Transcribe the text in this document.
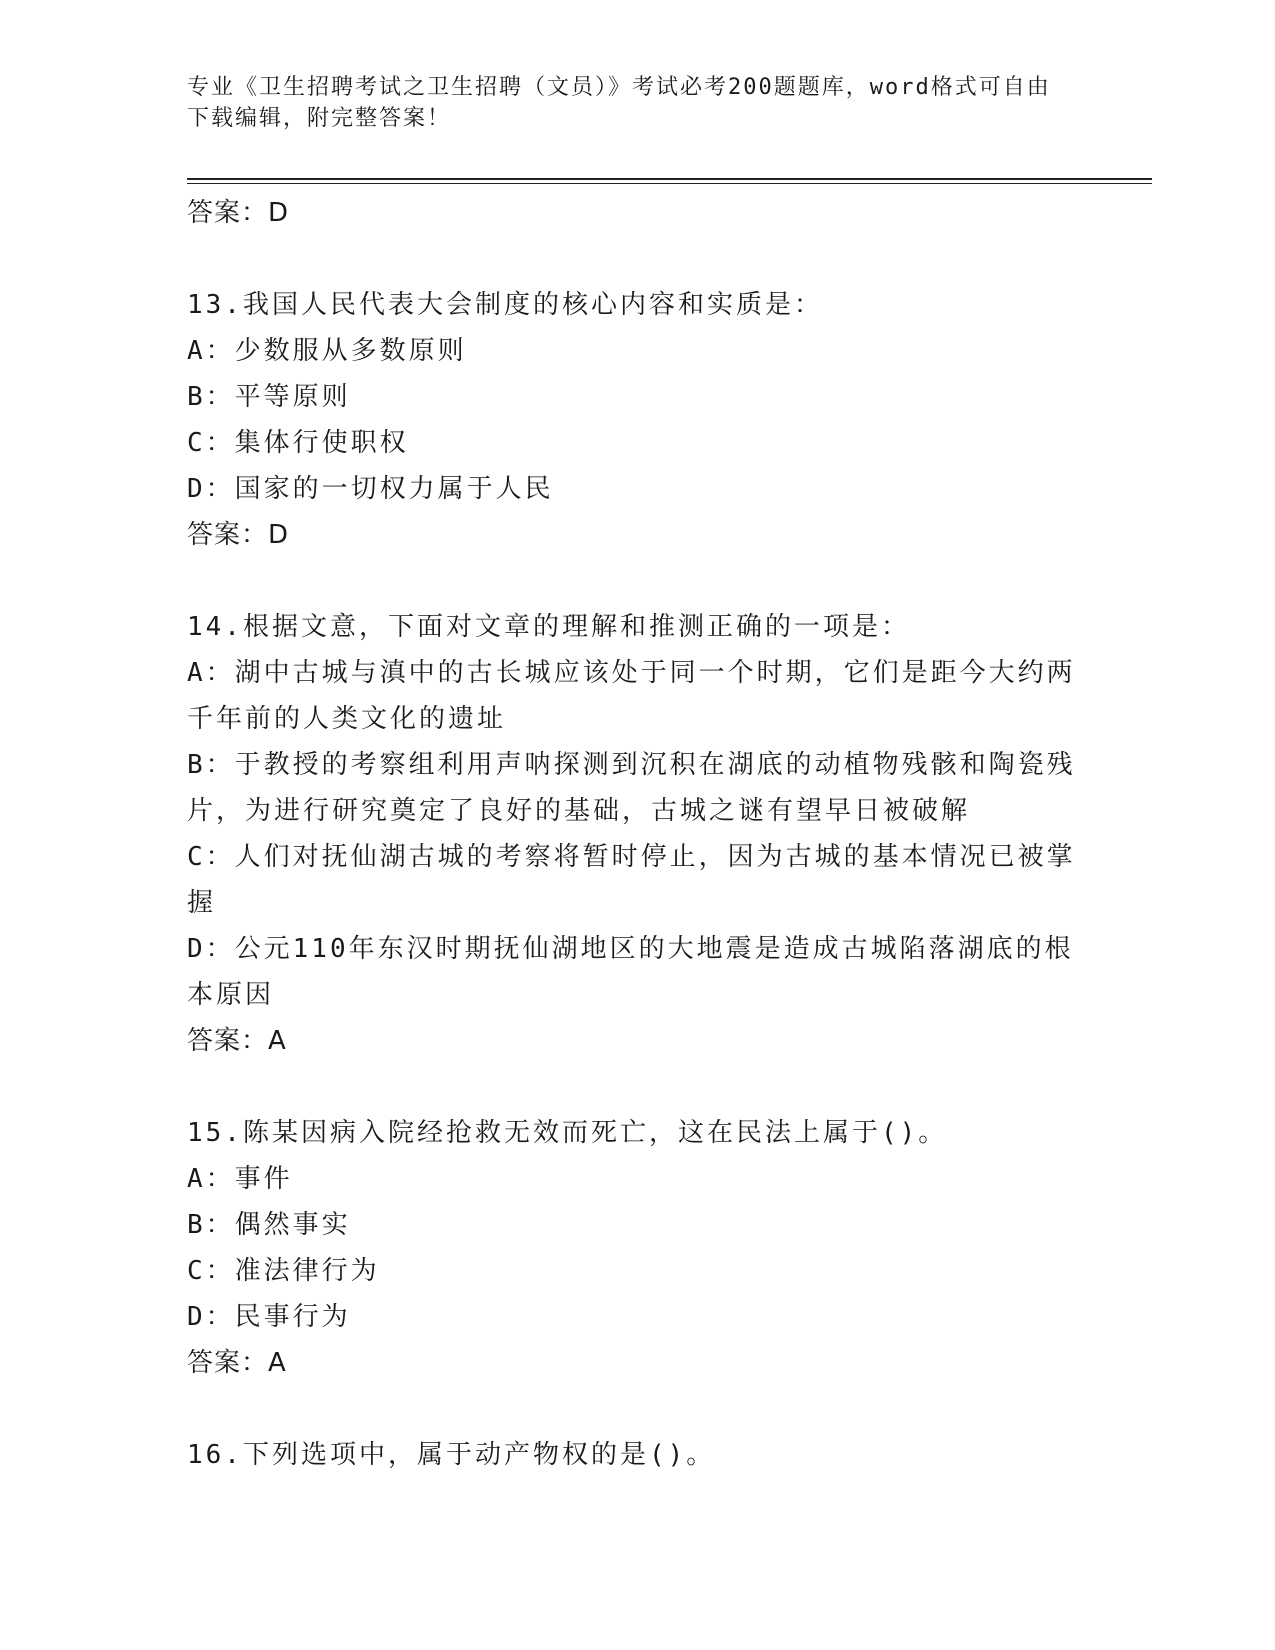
专业《卫生招聘考试之卫生招聘（文员）》考试必考200题题库，word格式可自由下载编辑，附完整答案！
答案：D
13.我国人民代表大会制度的核心内容和实质是：
A：少数服从多数原则
B：平等原则
C：集体行使职权
D：国家的一切权力属于人民
答案：D
14.根据文意，下面对文章的理解和推测正确的一项是：
A：湖中古城与滇中的古长城应该处于同一个时期，它们是距今大约两千年前的人类文化的遗址
B：于教授的考察组利用声呐探测到沉积在湖底的动植物残骸和陶瓷残片，为进行研究奠定了良好的基础，古城之谜有望早日被破解
C：人们对抚仙湖古城的考察将暂时停止，因为古城的基本情况已被掌握
D：公元110年东汉时期抚仙湖地区的大地震是造成古城陷落湖底的根本原因
答案：A
15.陈某因病入院经抢救无效而死亡，这在民法上属于()。
A：事件
B：偶然事实
C：准法律行为
D：民事行为
答案：A
16.下列选项中，属于动产物权的是()。
